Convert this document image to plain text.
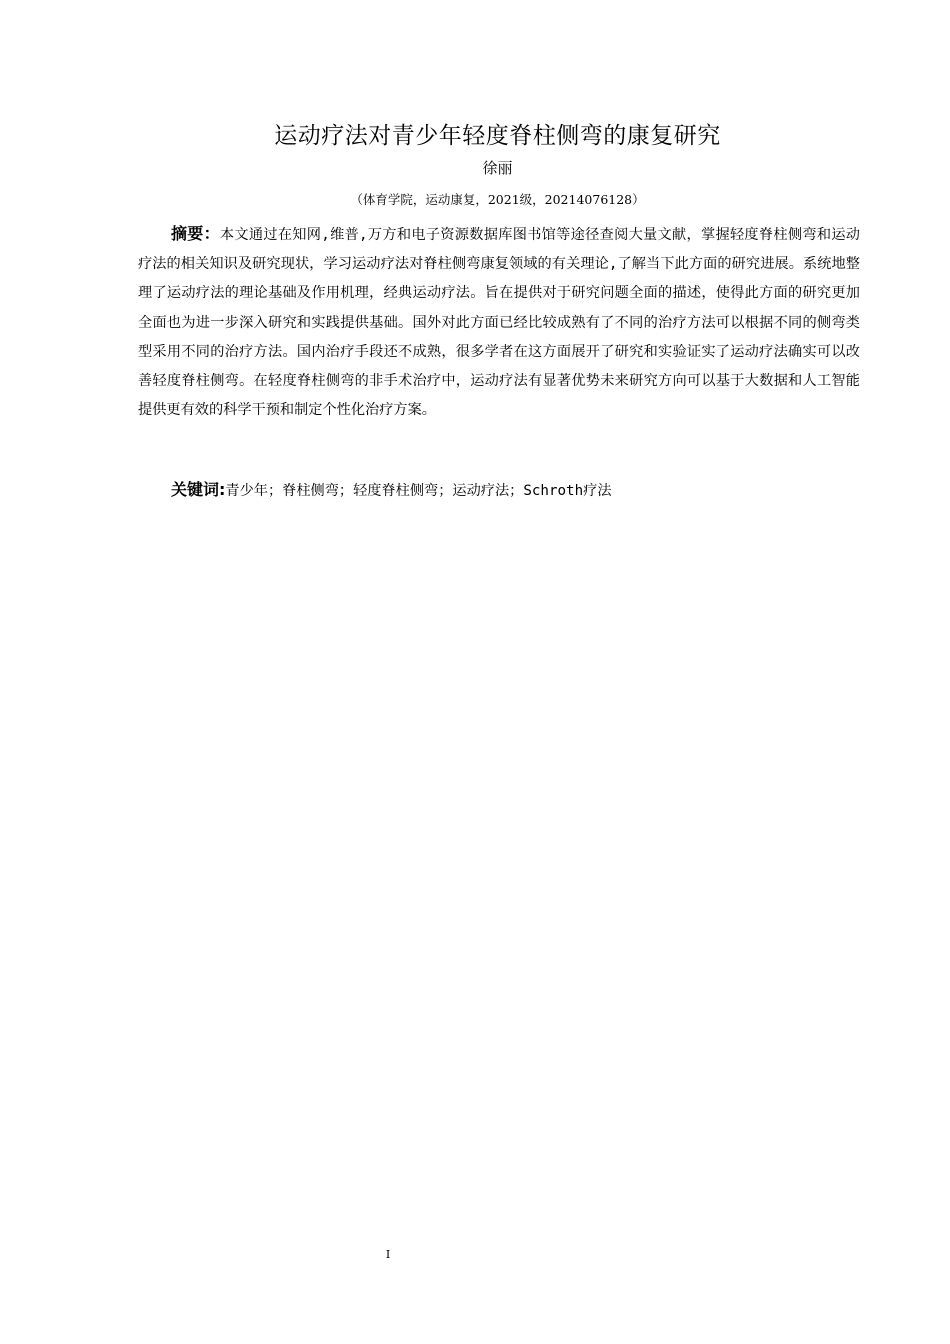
运动疗法对青少年轻度脊柱侧弯的康复研究
徐丽
（体育学院，运动康复，2021级，20214076128）

摘要：本文通过在知网,维普,万方和电子资源数据库图书馆等途径查阅大量文献，掌握轻度脊柱侧弯和运动疗法的相关知识及研究现状，学习运动疗法对脊柱侧弯康复领域的有关理论,了解当下此方面的研究进展。系统地整理了运动疗法的理论基础及作用机理，经典运动疗法。旨在提供对于研究问题全面的描述，使得此方面的研究更加全面也为进一步深入研究和实践提供基础。国外对此方面已经比较成熟有了不同的治疗方法可以根据不同的侧弯类型采用不同的治疗方法。国内治疗手段还不成熟，很多学者在这方面展开了研究和实验证实了运动疗法确实可以改善轻度脊柱侧弯。在轻度脊柱侧弯的非手术治疗中，运动疗法有显著优势未来研究方向可以基于大数据和人工智能提供更有效的科学干预和制定个性化治疗方案。

关键词:青少年；脊柱侧弯；轻度脊柱侧弯；运动疗法；Schroth疗法

I
